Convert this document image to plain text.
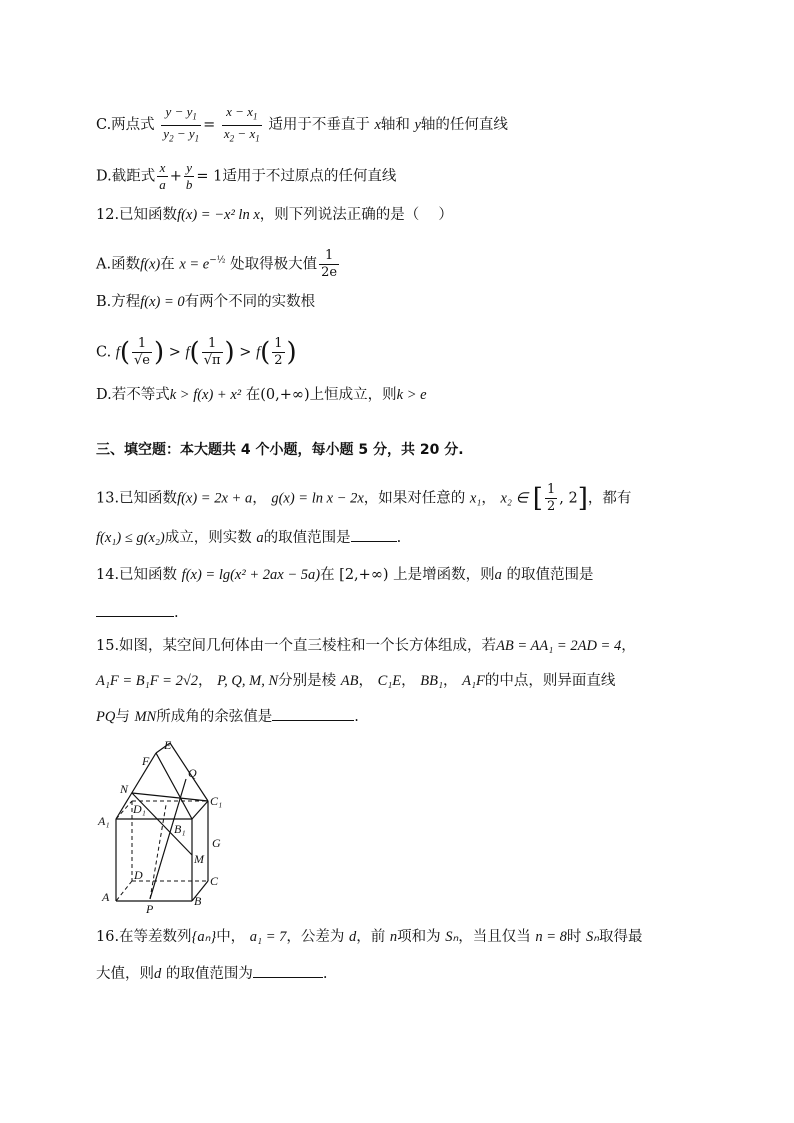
C.两点式 $\frac{y - y_1}{y_2 - y_1} = \frac{x - x_1}{x_2 - x_1}$ 适用于不垂直于 x轴和 y轴的任何直线
D.截距式 $\frac{x}{a} + \frac{y}{b} = 1$适用于不过原点的任何直线
12.已知函数f(x) = −x² ln x，则下列说法正确的是（　 ）
A.函数f(x)在 $x = e^{-\frac{1}{2}}$ 处取得极大值 $\frac{1}{2e}$
B.方程f(x) = 0有两个不同的实数根
C. $f( \frac{1}{√e}$ ) > $f( \frac{1}{√\pi}$ ) > $f( \frac{1}{2}$ )
D.若不等式k > f(x) + x² 在(0,+∞)上恒成立，则k > e
三、填空题：本大题共 4 个小题，每小题 5 分，共 20 分.
13.已知函数f(x) = 2x + a， g(x) = ln x − 2x，如果对任意的 x₁， x₂ ∈ [ $\frac{1}{2}$ , 2]，都有
f(x₁) ≤ g(x₂)成立，则实数 a的取值范围是	.
14.已知函数 f(x) = lg(x² + 2ax − 5a)在 [2,+∞) 上是增函数，则a 的取值范围是
.
15.如图，某空间几何体由一个直三棱柱和一个长方体组成，若AB = AA₁ = 2AD = 4，
A₁F = B₁F = 2√2， P, Q, M, N分别是棱 AB， C₁E， BB₁， A₁F的中点，则异面直线
PQ与 MN所成角的余弦值是	.
E
F
Q
N
D₁
C₁
A₁
B₁
G
M
D	C
A	B
P
16.在等差数列{aₙ}中， a₁ = 7，公差为 d，前 n项和为 Sₙ，当且仅当 n = 8时 Sₙ取得最
大值，则d 的取值范围为	.
